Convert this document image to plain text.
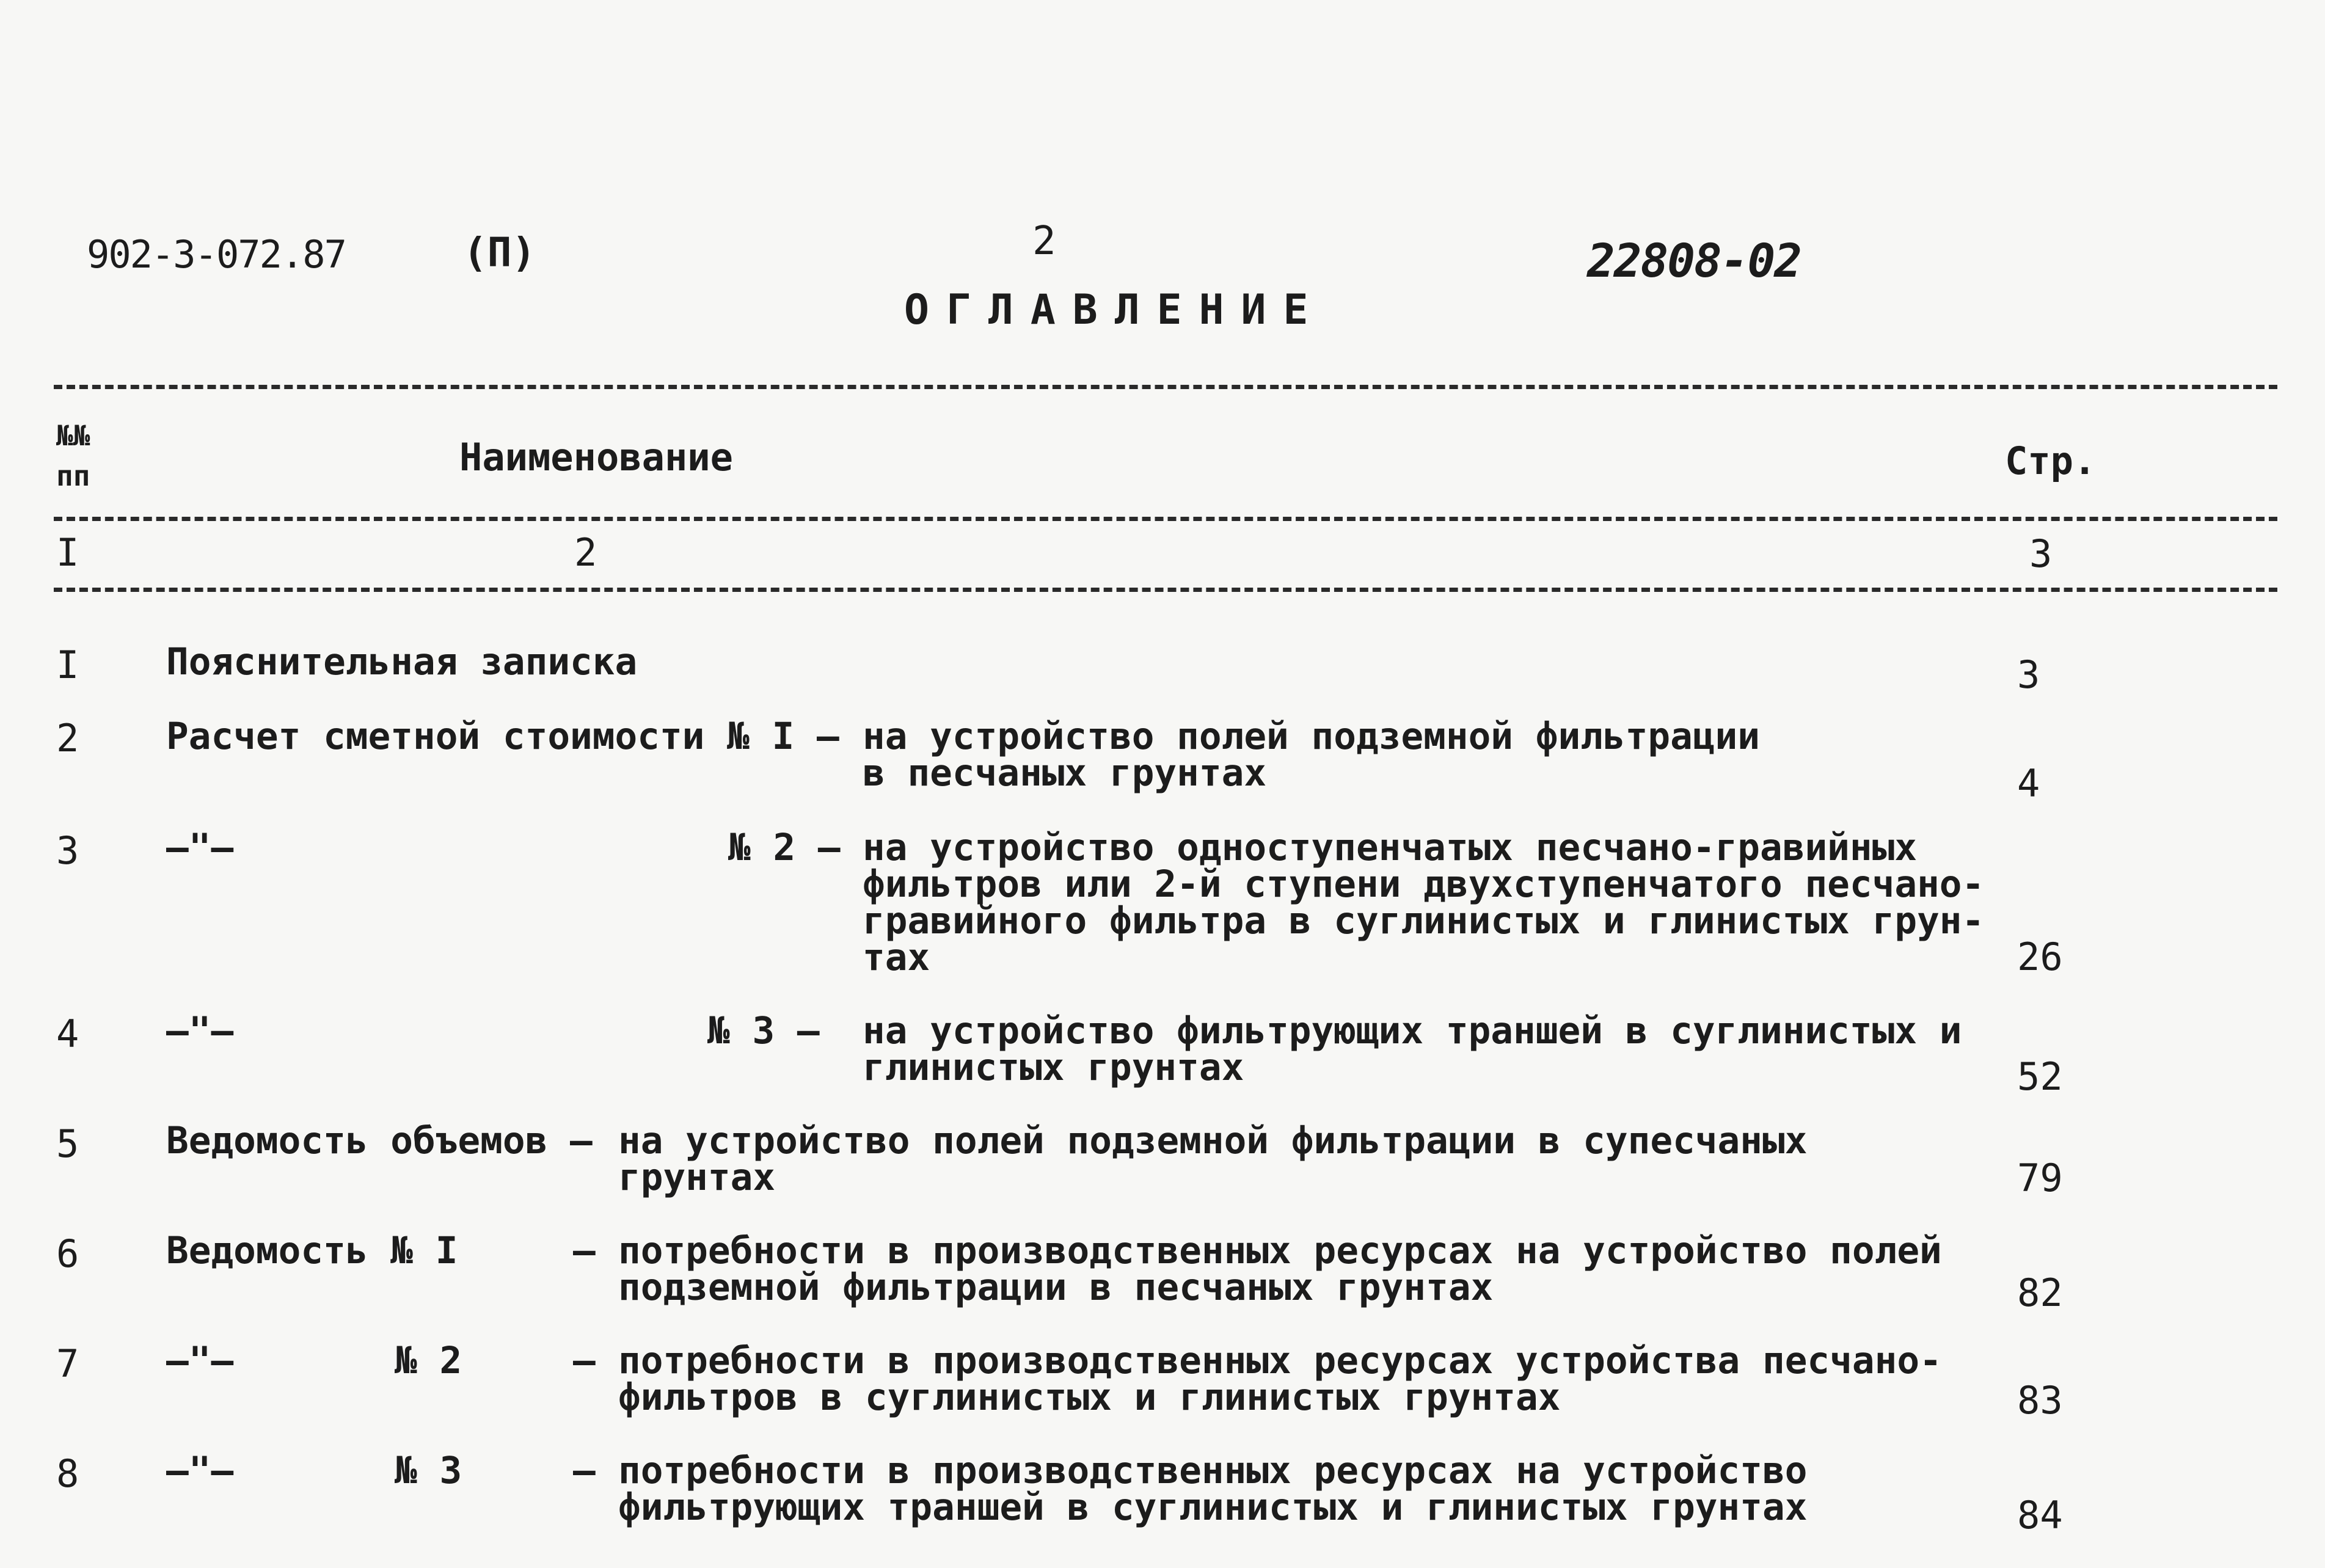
902-3-072.87	(П)	2	22808-02
ОГЛАВЛЕНИЕ
№№
пп	Наименование	Стр.
I	2	3
I Пояснительная записка	3
2 Расчет сметной стоимости № I – на устройство полей подземной фильтрации
в песчаных грунтах	4
3 –"–	№ 2 – на устройство одноступенчатых песчано-гравийных
фильтров или 2-й ступени двухступенчатого песчано-
гравийного фильтра в суглинистых и глинистых грун-
тах	26
4 –"–	№ 3 – на устройство фильтрующих траншей в суглинистых и
глинистых грунтах	52
5 Ведомость объемов – на устройство полей подземной фильтрации в супесчаных
грунтах	79
6 Ведомость № I	– потребности в производственных ресурсах на устройство полей
подземной фильтрации в песчаных грунтах	82
7 –"–	№ 2	– потребности в производственных ресурсах устройства песчано-
фильтров в суглинистых и глинистых грунтах	83
8 –"–	№ 3	– потребности в производственных ресурсах на устройство
фильтрующих траншей в суглинистых и глинистых грунтах	84
